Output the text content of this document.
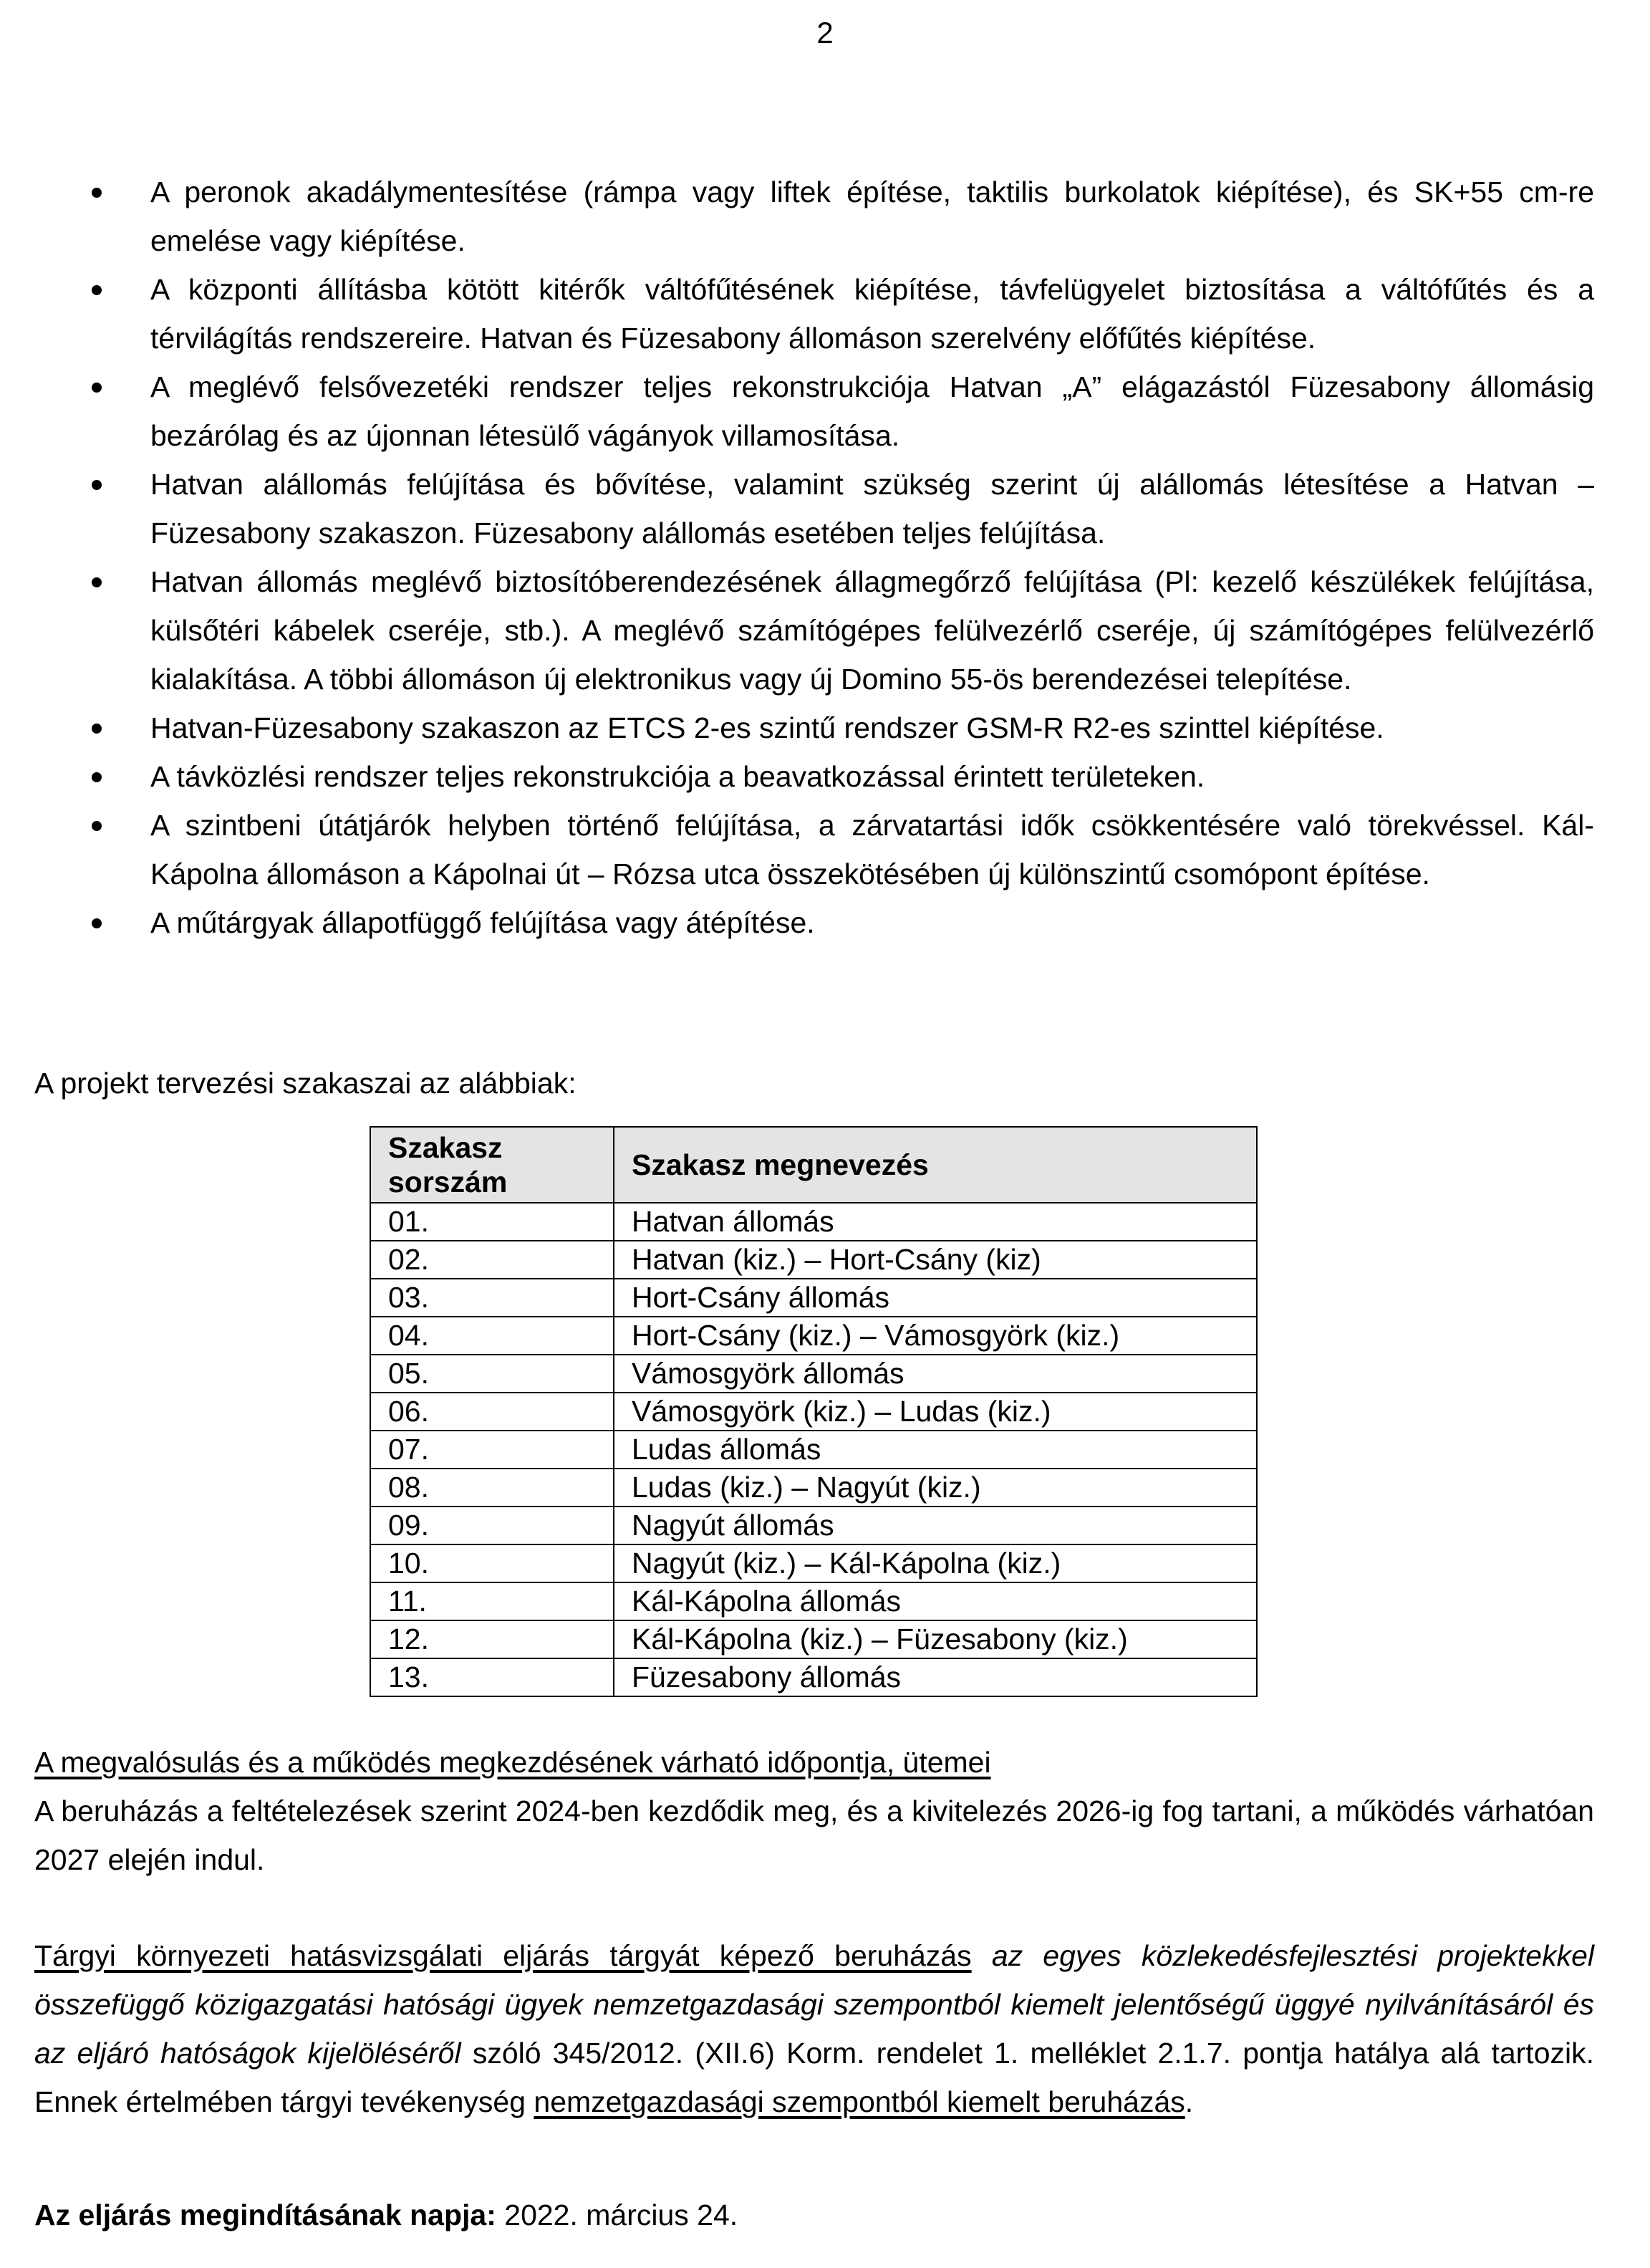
2
A peronok akadálymentesítése (rámpa vagy liftek építése, taktilis burkolatok kiépítése), és SK+55 cm-re emelése vagy kiépítése.
A központi állításba kötött kitérők váltófűtésének kiépítése, távfelügyelet biztosítása a váltófűtés és a térvilágítás rendszereire. Hatvan és Füzesabony állomáson szerelvény előfűtés kiépítése.
A meglévő felsővezetéki rendszer teljes rekonstrukciója Hatvan „A” elágazástól Füzesabony állomásig bezárólag és az újonnan létesülő vágányok villamosítása.
Hatvan alállomás felújítása és bővítése, valamint szükség szerint új alállomás létesítése a Hatvan – Füzesabony szakaszon. Füzesabony alállomás esetében teljes felújítása.
Hatvan állomás meglévő biztosítóberendezésének állagmegőrző felújítása (Pl: kezelő készülékek felújítása, külsőtéri kábelek cseréje, stb.). A meglévő számítógépes felülvezérlő cseréje, új számítógépes felülvezérlő kialakítása. A többi állomáson új elektronikus vagy új Domino 55-ös berendezései telepítése.
Hatvan-Füzesabony szakaszon az ETCS 2-es szintű rendszer GSM-R R2-es szinttel kiépítése.
A távközlési rendszer teljes rekonstrukciója a beavatkozással érintett területeken.
A szintbeni útátjárók helyben történő felújítása, a zárvatartási idők csökkentésére való törekvéssel. Kál-Kápolna állomáson a Kápolnai út – Rózsa utca összekötésében új különszintű csomópont építése.
A műtárgyak állapotfüggő felújítása vagy átépítése.
A projekt tervezési szakaszai az alábbiak:
Szakasz sorszám	Szakasz megnevezés
01.	Hatvan állomás
02.	Hatvan (kiz.) – Hort-Csány (kiz)
03.	Hort-Csány állomás
04.	Hort-Csány (kiz.) – Vámosgyörk (kiz.)
05.	Vámosgyörk állomás
06.	Vámosgyörk (kiz.) – Ludas (kiz.)
07.	Ludas állomás
08.	Ludas (kiz.) – Nagyút (kiz.)
09.	Nagyút állomás
10.	Nagyút (kiz.) – Kál-Kápolna (kiz.)
11.	Kál-Kápolna állomás
12.	Kál-Kápolna (kiz.) – Füzesabony (kiz.)
13.	Füzesabony állomás
A megvalósulás és a működés megkezdésének várható időpontja, ütemei
A beruházás a feltételezések szerint 2024-ben kezdődik meg, és a kivitelezés 2026-ig fog tartani, a működés várhatóan 2027 elején indul.
Tárgyi környezeti hatásvizsgálati eljárás tárgyát képező beruházás az egyes közlekedésfejlesztési projektekkel összefüggő közigazgatási hatósági ügyek nemzetgazdasági szempontból kiemelt jelentőségű üggyé nyilvánításáról és az eljáró hatóságok kijelöléséről szóló 345/2012. (XII.6) Korm. rendelet 1. melléklet 2.1.7. pontja hatálya alá tartozik. Ennek értelmében tárgyi tevékenység nemzetgazdasági szempontból kiemelt beruházás.
Az eljárás megindításának napja: 2022. március 24.
